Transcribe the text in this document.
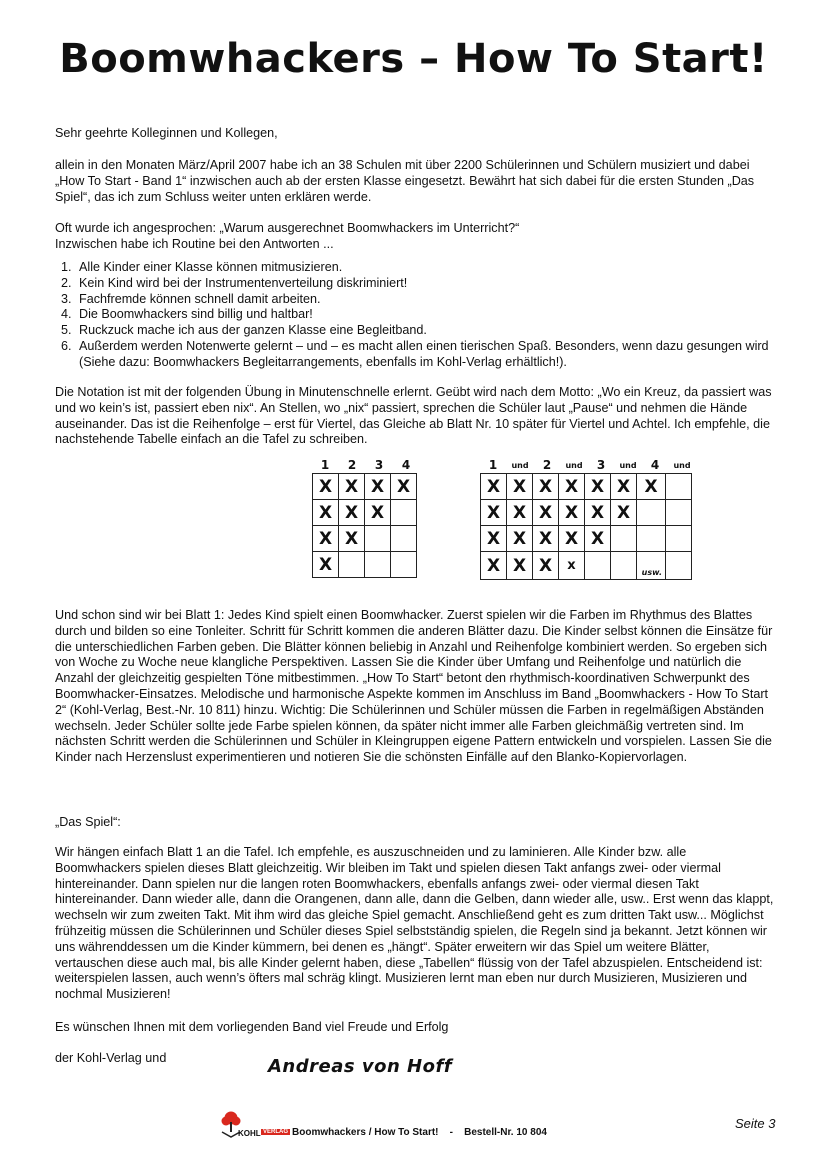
Boomwhackers – How To Start!

Sehr geehrte Kolleginnen und Kollegen,

allein in den Monaten März/April 2007 habe ich an 38 Schulen mit über 2200 Schülerinnen und Schülern musiziert und dabei „How To Start - Band 1“ inzwischen auch ab der ersten Klasse eingesetzt. Bewährt hat sich dabei für die ersten Stunden „Das Spiel“, das ich zum Schluss weiter unten erklären werde.

Oft wurde ich angesprochen: „Warum ausgerechnet Boomwhackers im Unterricht?“

Inzwischen habe ich Routine bei den Antworten ...

1. Alle Kinder einer Klasse können mitmusizieren.
2. Kein Kind wird bei der Instrumentenverteilung diskriminiert!
3. Fachfremde können schnell damit arbeiten.
4. Die Boomwhackers sind billig und haltbar!
5. Ruckzuck mache ich aus der ganzen Klasse eine Begleitband.
6. Außerdem werden Notenwerte gelernt – und – es macht allen einen tierischen Spaß. Besonders, wenn dazu gesungen wird (Siehe dazu: Boomwhackers Begleitarrangements, ebenfalls im Kohl-Verlag erhältlich!).

Die Notation ist mit der folgenden Übung in Minutenschnelle erlernt. Geübt wird nach dem Motto: „Wo ein Kreuz, da passiert was und wo kein’s ist, passiert eben nix“. An Stellen, wo „nix“ passiert, sprechen die Schüler laut „Pause“ und nehmen die Hände auseinander. Das ist die Reihenfolge – erst für Viertel, das Gleiche ab Blatt Nr. 10 später für Viertel und Achtel. Ich empfehle, die nachstehende Tabelle einfach an die Tafel zu schreiben.

1	2	3	4
X	X	X	X
X	X	X	
X	X		
X			
1	und	2	und	3	und	4	und
X	X	X	X	X	X	X	
X	X	X	X	X	X		
X	X	X	X	X			
X	X	X	x			usw.	

Und schon sind wir bei Blatt 1: Jedes Kind spielt einen Boomwhacker. Zuerst spielen wir die Farben im Rhythmus des Blattes durch und bilden so eine Tonleiter. Schritt für Schritt kommen die anderen Blätter dazu. Die Kinder selbst können die Einsätze für die unterschiedlichen Farben geben. Die Blätter können beliebig in Anzahl und Reihenfolge kombiniert werden. So ergeben sich von Woche zu Woche neue klangliche Perspektiven. Lassen Sie die Kinder über Umfang und Reihenfolge und natürlich die Anzahl der gleichzeitig gespielten Töne mitbestimmen. „How To Start“ betont den rhythmisch-koordinativen Schwerpunkt des Boomwhacker-Einsatzes. Melodische und harmonische Aspekte kommen im Anschluss im Band „Boomwhackers - How To Start 2“ (Kohl-Verlag, Best.-Nr. 10 811) hinzu. Wichtig: Die Schülerinnen und Schüler müssen die Farben in regelmäßigen Abständen wechseln. Jeder Schüler sollte jede Farbe spielen können, da später nicht immer alle Farben gleichmäßig vertreten sind. Im nächsten Schritt werden die Schülerinnen und Schüler in Kleingruppen eigene Pattern entwickeln und vorspielen. Lassen Sie die Kinder nach Herzenslust experimentieren und notieren Sie die schönsten Einfälle auf den Blanko-Kopiervorlagen.

„Das Spiel“:

Wir hängen einfach Blatt 1 an die Tafel. Ich empfehle, es auszuschneiden und zu laminieren. Alle Kinder bzw. alle Boomwhackers spielen dieses Blatt gleichzeitig. Wir bleiben im Takt und spielen diesen Takt anfangs zwei- oder viermal hintereinander. Dann spielen nur die langen roten Boomwhackers, ebenfalls anfangs zwei- oder viermal diesen Takt hintereinander. Dann wieder alle, dann die Orangenen, dann alle, dann die Gelben, dann wieder alle, usw.. Erst wenn das klappt, wechseln wir zum zweiten Takt. Mit ihm wird das gleiche Spiel gemacht. Anschließend geht es zum dritten Takt usw... Möglichst frühzeitig müssen die Schülerinnen und Schüler dieses Spiel selbstständig spielen, die Regeln sind ja bekannt. Jetzt können wir uns währenddessen um die Kinder kümmern, bei denen es „hängt“. Später erweitern wir das Spiel um weitere Blätter, vertauschen diese auch mal, bis alle Kinder gelernt haben, diese „Tabellen“ flüssig von der Tafel abzuspielen. Entscheidend ist: weiterspielen lassen, auch wenn’s öfters mal schräg klingt. Musizieren lernt man eben nur durch Musizieren, Musizieren und nochmal Musizieren!

Es wünschen Ihnen mit dem vorliegenden Band viel Freude und Erfolg

der Kohl-Verlag und	Andreas von Hoff
KOHL VERLAG Boomwhackers / How To Start! - Bestell-Nr. 10 804
Seite 3
